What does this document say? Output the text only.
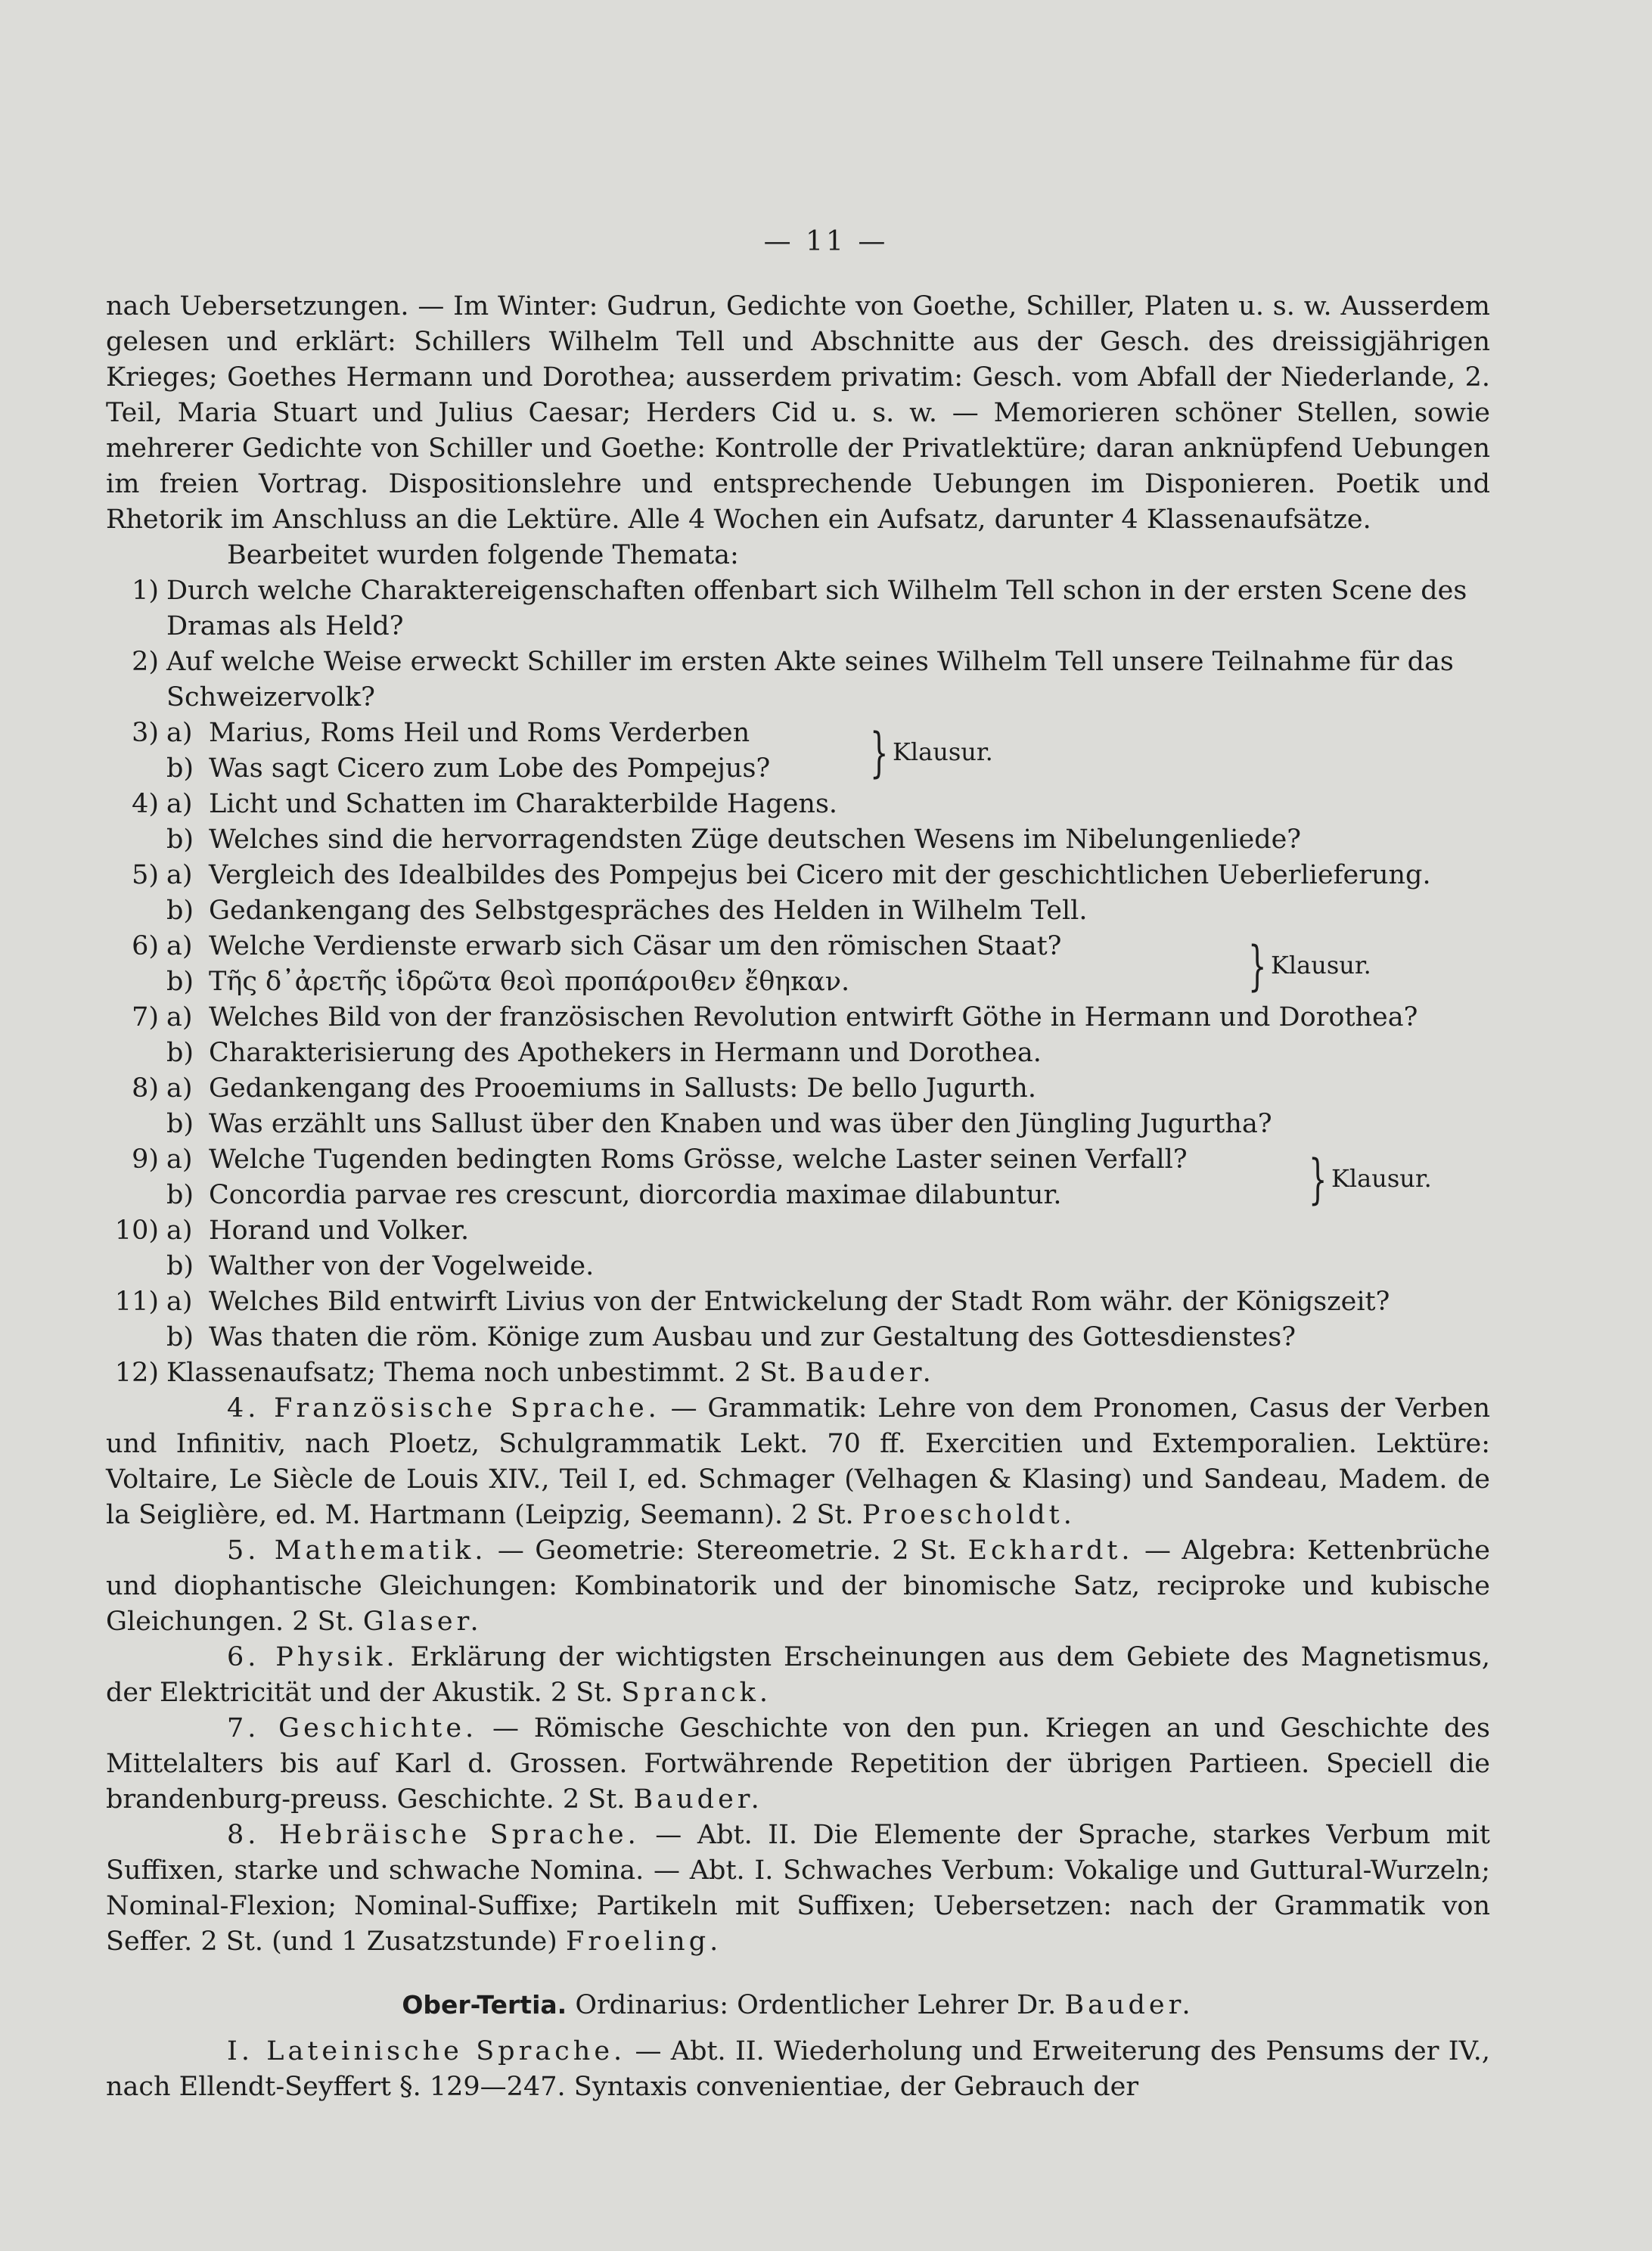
— 11 —
nach Uebersetzungen. — Im Winter: Gudrun, Gedichte von Goethe, Schiller, Platen u. s. w. Ausserdem gelesen und erklärt: Schillers Wilhelm Tell und Abschnitte aus der Gesch. des dreissigjährigen Krieges; Goethes Hermann und Dorothea; ausserdem privatim: Gesch. vom Abfall der Niederlande, 2. Teil, Maria Stuart und Julius Caesar; Herders Cid u. s. w. — Memorieren schöner Stellen, sowie mehrerer Gedichte von Schiller und Goethe: Kontrolle der Privatlektüre; daran anknüpfend Uebungen im freien Vortrag. Dispositionslehre und entsprechende Uebungen im Disponieren. Poetik und Rhetorik im Anschluss an die Lektüre. Alle 4 Wochen ein Aufsatz, darunter 4 Klassenaufsätze.
Bearbeitet wurden folgende Themata:
1) Durch welche Charaktereigenschaften offenbart sich Wilhelm Tell schon in der ersten Scene des Dramas als Held?
2) Auf welche Weise erweckt Schiller im ersten Akte seines Wilhelm Tell unsere Teilnahme für das Schweizervolk?
3) a) Marius, Roms Heil und Roms Verderben
b) Was sagt Cicero zum Lobe des Pompejus?	} Klausur.
4) a) Licht und Schatten im Charakterbilde Hagens.
b) Welches sind die hervorragendsten Züge deutschen Wesens im Nibelungenliede?
5) a) Vergleich des Idealbildes des Pompejus bei Cicero mit der geschichtlichen Ueberlieferung.
b) Gedankengang des Selbstgespräches des Helden in Wilhelm Tell.
6) a) Welche Verdienste erwarb sich Cäsar um den römischen Staat?
b) Τῆς δ᾽ἀρετῆς ἱδρῶτα θεοὶ προπάροιθεν ἔθηκαν.	} Klausur.
7) a) Welches Bild von der französischen Revolution entwirft Göthe in Hermann und Dorothea?
b) Charakterisierung des Apothekers in Hermann und Dorothea.
8) a) Gedankengang des Prooemiums in Sallusts: De bello Jugurth.
b) Was erzählt uns Sallust über den Knaben und was über den Jüngling Jugurtha?
9) a) Welche Tugenden bedingten Roms Grösse, welche Laster seinen Verfall?
b) Concordia parvae res crescunt, diorcordia maximae dilabuntur.	} Klausur.
10) a) Horand und Volker.
b) Walther von der Vogelweide.
11) a) Welches Bild entwirft Livius von der Entwickelung der Stadt Rom währ. der Königszeit?
b) Was thaten die röm. Könige zum Ausbau und zur Gestaltung des Gottesdienstes?
12) Klassenaufsatz; Thema noch unbestimmt. 2 St. Bauder.
4. Französische Sprache. — Grammatik: Lehre von dem Pronomen, Casus der Verben und Infinitiv, nach Ploetz, Schulgrammatik Lekt. 70 ff. Exercitien und Extemporalien. Lektüre: Voltaire, Le Siècle de Louis XIV., Teil I, ed. Schmager (Velhagen & Klasing) und Sandeau, Madem. de la Seiglière, ed. M. Hartmann (Leipzig, Seemann). 2 St. Proescholdt.
5. Mathematik. — Geometrie: Stereometrie. 2 St. Eckhardt. — Algebra: Kettenbrüche und diophantische Gleichungen: Kombinatorik und der binomische Satz, reciproke und kubische Gleichungen. 2 St. Glaser.
6. Physik. Erklärung der wichtigsten Erscheinungen aus dem Gebiete des Magnetismus, der Elektricität und der Akustik. 2 St. Spranck.
7. Geschichte. — Römische Geschichte von den pun. Kriegen an und Geschichte des Mittelalters bis auf Karl d. Grossen. Fortwährende Repetition der übrigen Partieen. Speciell die brandenburg-preuss. Geschichte. 2 St. Bauder.
8. Hebräische Sprache. — Abt. II. Die Elemente der Sprache, starkes Verbum mit Suffixen, starke und schwache Nomina. — Abt. I. Schwaches Verbum: Vokalige und Guttural-Wurzeln; Nominal-Flexion; Nominal-Suffixe; Partikeln mit Suffixen; Uebersetzen: nach der Grammatik von Seffer. 2 St. (und 1 Zusatzstunde) Froeling.
Ober-Tertia. Ordinarius: Ordentlicher Lehrer Dr. Bauder.
I. Lateinische Sprache. — Abt. II. Wiederholung und Erweiterung des Pensums der IV., nach Ellendt-Seyffert §. 129—247. Syntaxis convenientiae, der Gebrauch der
